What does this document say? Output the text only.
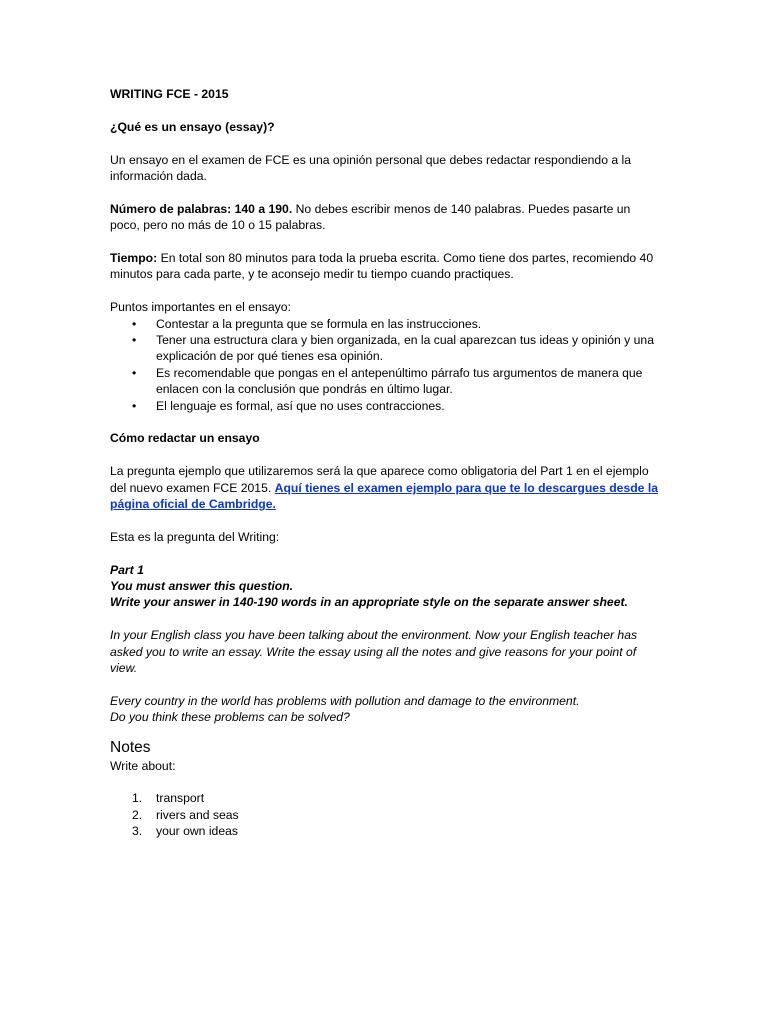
WRITING FCE - 2015

¿Qué es un ensayo (essay)?

Un ensayo en el examen de FCE es una opinión personal que debes redactar respondiendo a la información dada.

Número de palabras: 140 a 190. No debes escribir menos de 140 palabras. Puedes pasarte un poco, pero no más de 10 o 15 palabras.

Tiempo: En total son 80 minutos para toda la prueba escrita. Como tiene dos partes, recomiendo 40 minutos para cada parte, y te aconsejo medir tu tiempo cuando practiques.

Puntos importantes en el ensayo:

• Contestar a la pregunta que se formula en las instrucciones.
• Tener una estructura clara y bien organizada, en la cual aparezcan tus ideas y opinión y una explicación de por qué tienes esa opinión.
• Es recomendable que pongas en el antepenúltimo párrafo tus argumentos de manera que enlacen con la conclusión que pondrás en último lugar.
• El lenguaje es formal, así que no uses contracciones.

Cómo redactar un ensayo

La pregunta ejemplo que utilizaremos será la que aparece como obligatoria del Part 1 en el ejemplo del nuevo examen FCE 2015. Aquí tienes el examen ejemplo para que te lo descargues desde la página oficial de Cambridge.

Esta es la pregunta del Writing:

Part 1

You must answer this question.

Write your answer in 140-190 words in an appropriate style on the separate answer sheet.

In your English class you have been talking about the environment. Now your English teacher has asked you to write an essay. Write the essay using all the notes and give reasons for your point of view.

Every country in the world has problems with pollution and damage to the environment.

Do you think these problems can be solved?

Notes

Write about:

1. transport
2. rivers and seas
3. your own ideas
